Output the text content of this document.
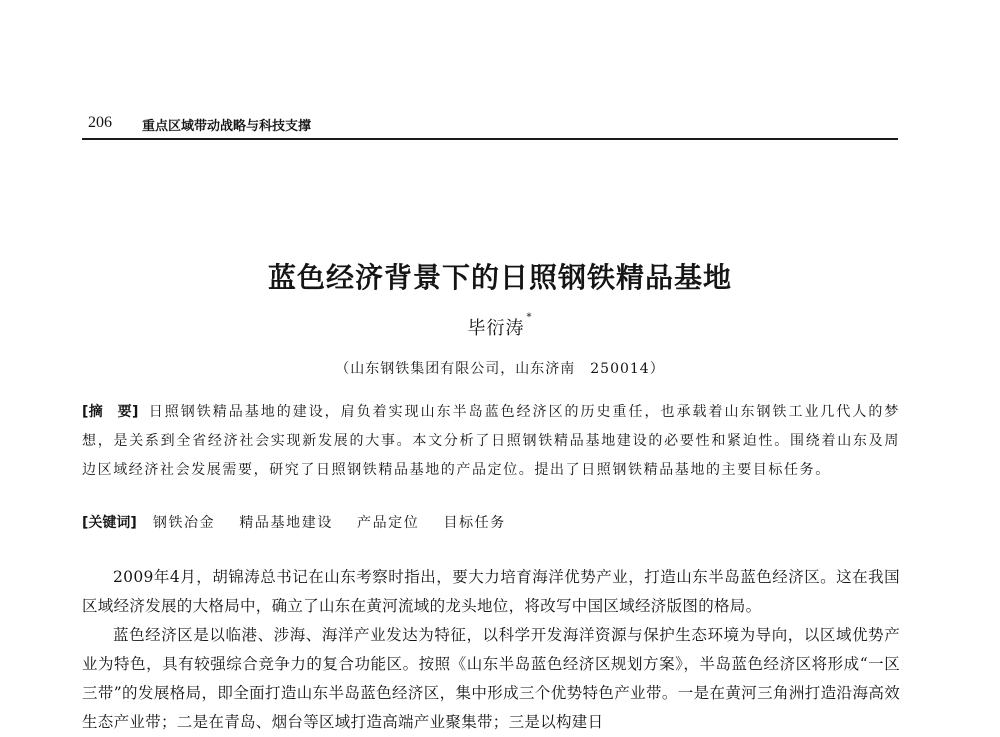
206 重点区域带动战略与科技支撑
蓝色经济背景下的日照钢铁精品基地
毕衍涛*
（山东钢铁集团有限公司，山东济南　250014）
[摘　要] 日照钢铁精品基地的建设，肩负着实现山东半岛蓝色经济区的历史重任，也承载着山东钢铁工业几代人的梦想，是关系到全省经济社会实现新发展的大事。本文分析了日照钢铁精品基地建设的必要性和紧迫性。围绕着山东及周边区域经济社会发展需要，研究了日照钢铁精品基地的产品定位。提出了日照钢铁精品基地的主要目标任务。
[关键词] 钢铁冶金 精品基地建设 产品定位 目标任务

2009年4月，胡锦涛总书记在山东考察时指出，要大力培育海洋优势产业，打造山东半岛蓝色经济区。这在我国区域经济发展的大格局中，确立了山东在黄河流域的龙头地位，将改写中国区域经济版图的格局。

蓝色经济区是以临港、涉海、海洋产业发达为特征，以科学开发海洋资源与保护生态环境为导向，以区域优势产业为特色，具有较强综合竞争力的复合功能区。按照《山东半岛蓝色经济区规划方案》，半岛蓝色经济区将形成“一区三带”的发展格局，即全面打造山东半岛蓝色经济区，集中形成三个优势特色产业带。一是在黄河三角洲打造沿海高效生态产业带；二是在青岛、烟台等区域打造高端产业聚集带；三是以构建日
